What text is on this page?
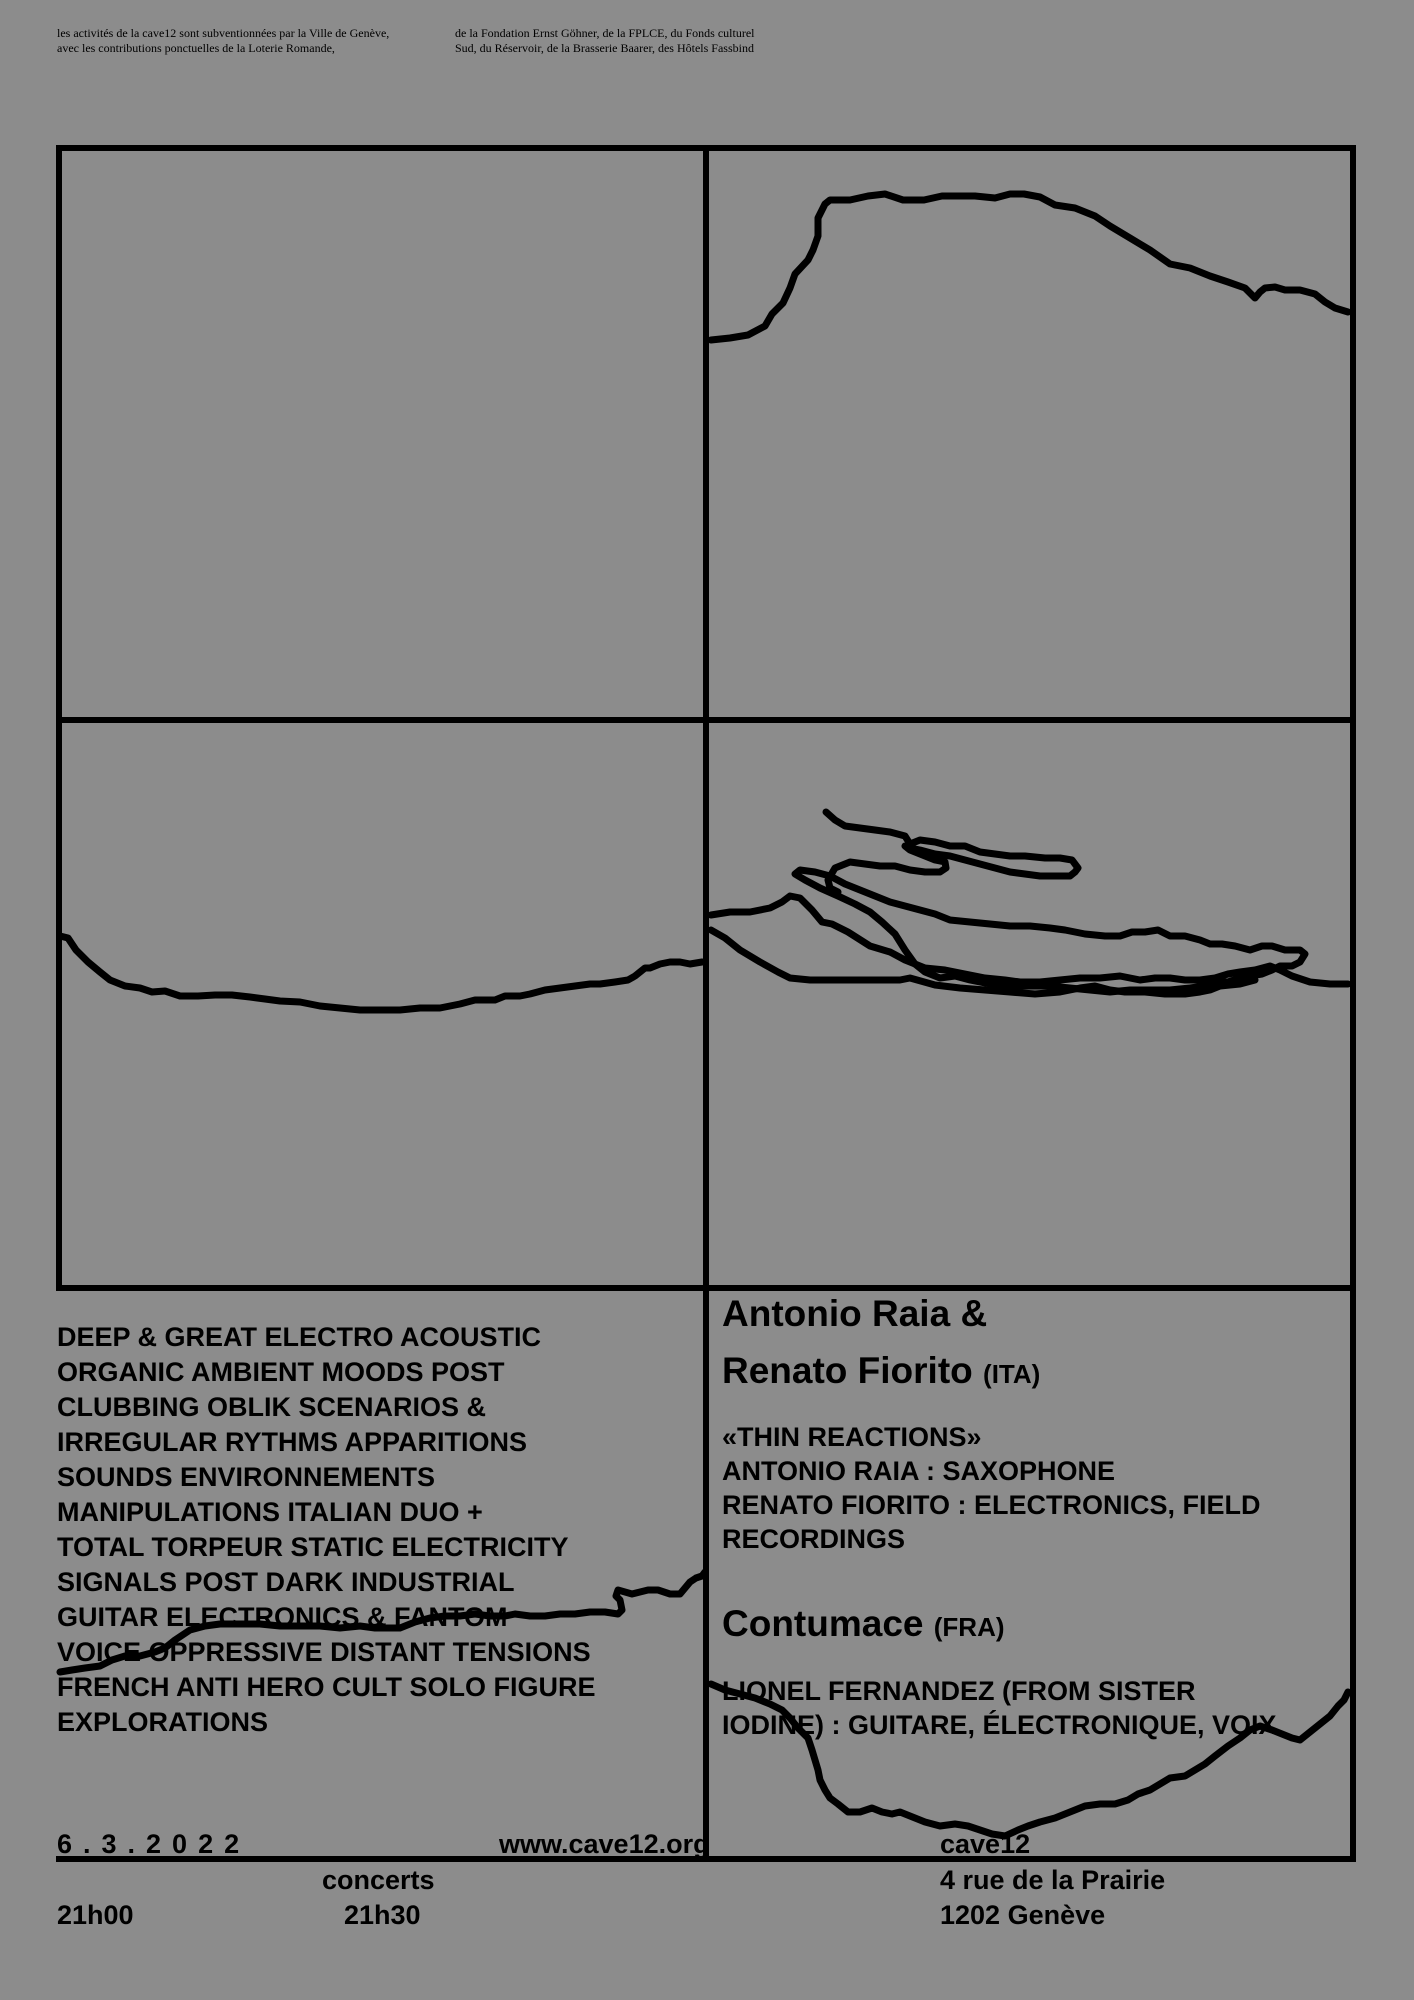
les activités de la cave12 sont subventionnées par la Ville de Genève,
avec les contributions ponctuelles de la Loterie Romande,
de la Fondation Ernst Göhner, de la FPLCE, du Fonds culturel
Sud, du Réservoir, de la Brasserie Baarer, des Hôtels Fassbind
DEEP & GREAT ELECTRO ACOUSTIC
ORGANIC AMBIENT MOODS POST
CLUBBING OBLIK SCENARIOS &
IRREGULAR RYTHMS APPARITIONS
SOUNDS ENVIRONNEMENTS
MANIPULATIONS ITALIAN DUO +
TOTAL TORPEUR STATIC ELECTRICITY
SIGNALS POST DARK INDUSTRIAL
GUITAR ELECTRONICS & FANTOM
VOICE OPPRESSIVE DISTANT TENSIONS
FRENCH ANTI HERO CULT SOLO FIGURE
EXPLORATIONS
Antonio Raia &
Renato Fiorito (ITA)
«THIN REACTIONS»
ANTONIO RAIA : SAXOPHONE
RENATO FIORITO : ELECTRONICS, FIELD
RECORDINGS
Contumace (FRA)
LIONEL FERNANDEZ (FROM SISTER
IODINE) : GUITARE, ÉLECTRONIQUE, VOIX
6.3.2022	www.cave12.org
concerts
21h00	21h30
cave12
4 rue de la Prairie
1202 Genève
